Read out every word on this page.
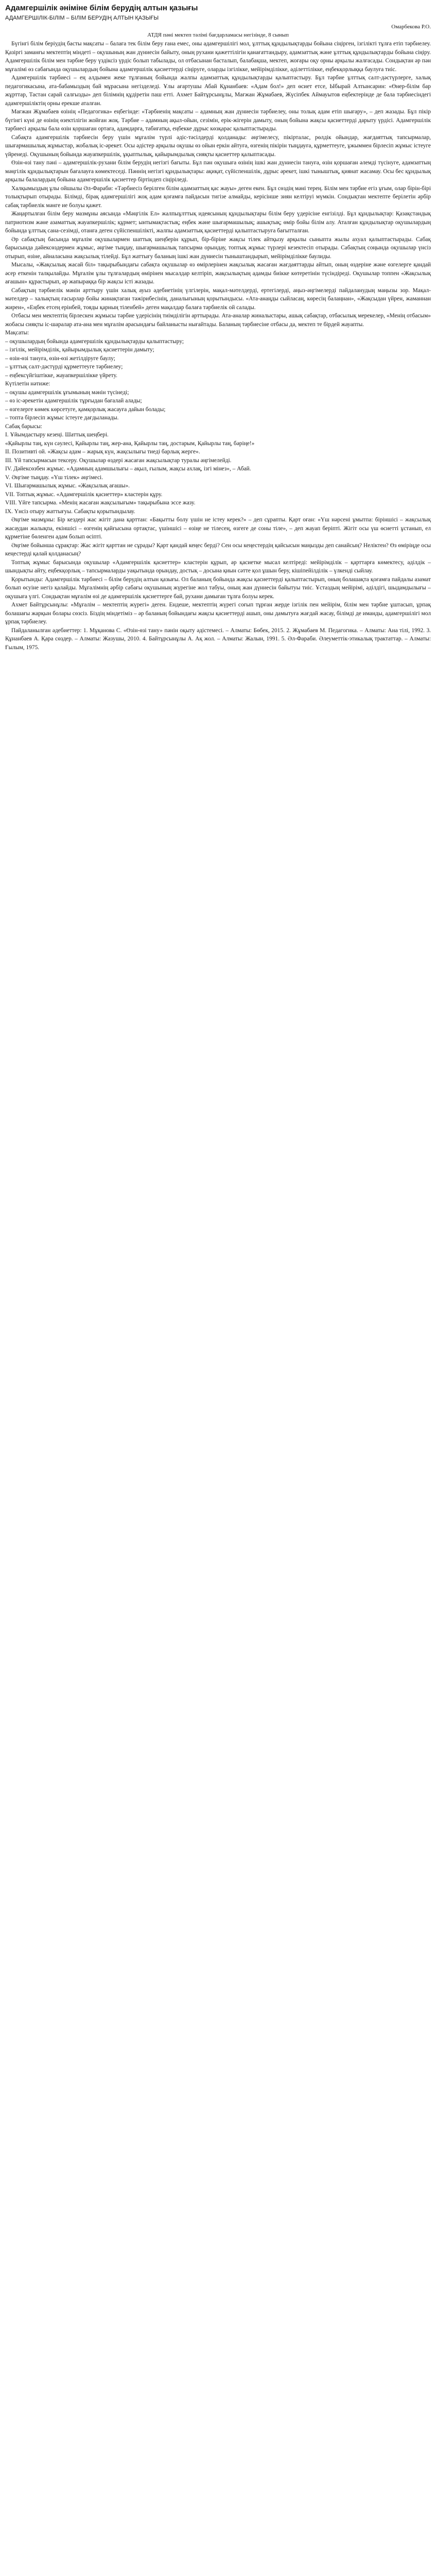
Адамгершілік әніміне білім берудің алтын қазығы
АДАМГЕРШІЛІК-БІЛІМ – БІЛІМ БЕРУДІҢ АЛТЫН ҚАЗЫҒЫ
Омарбекова Р.О.
АТДЯ пәні мектеп тәлімі бағдарламасы негізінде, 8 сынып

Бүгінгі білім беріудің басты мақсаты – балаға тек білім беру ғана емес, оны адамгершілігі мол, ұлттық құндылықтарды бойына сіңірген, ізгілікті тұлға етіп тәрбиелеу. Қазіргі заманғы мектептің міндеті – оқушының жан дүниесін байыту, оның рухани қажеттілігін қанағаттандыру, адамзаттық және ұлттық құндылықтарды бойына сіңіру. Адамгершілік білім мен тәрбие беру үздіксіз үрдіс болып табылады, ол отбасынан басталып, балабақша, мектеп, жоғары оқу орны арқылы жалғасады. Сондықтан әр пән мұғалімі өз сабағында оқушылардың бойына адамгершілік қасиеттерді сіңіруге, оларды ізгілікке, мейірімділікке, әділеттілікке, еңбекқорлыққа баулуға тиіс.

Адамгершілік тәрбиесі – ең алдымен жеке тұлғаның бойында жалпы адамзаттық құндылықтарды қалыптастыру. Бұл тәрбие ұлттық салт-дәстүрлерге, халық педагогикасына, ата-бабамыздың бай мұрасына негізделеді. Ұлы ағартушы Абай Құнанбаев: «Адам бол!» деп өсиет етсе, Ыбырай Алтынсарин: «Өнер-білім бар жұрттар, Тастан сарай салғызды» деп білімнің құдіретін паш етті. Ахмет Байтұрсынұлы, Мағжан Жұмабаев, Жүсіпбек Аймауытов еңбектерінде де бала тәрбиесіндегі адамгершіліктің орны ерекше аталған.

Мағжан Жұмабаев өзінің «Педагогика» еңбегінде: «Тәрбиенің мақсаты – адамның жан дүниесін тәрбиелеу, оны толық адам етіп шығару», – деп жазады. Бұл пікір бүгінгі күні де өзінің өзектілігін жойған жоқ. Тәрбие – адамның ақыл-ойын, сезімін, ерік-жігерін дамыту, оның бойына жақсы қасиеттерді дарыту үрдісі. Адамгершілік тәрбиесі арқылы бала өзін қоршаған ортаға, адамдарға, табиғатқа, еңбекке дұрыс көзқарас қалыптастырады.

Сабақта адамгершілік тәрбиесін беру үшін мұғалім түрлі әдіс-тәсілдерді қолданады: әңгімелесу, пікірталас, рөлдік ойындар, жағдаяттық тапсырмалар, шығармашылық жұмыстар, жобалық іс-әрекет. Осы әдістер арқылы оқушы өз ойын еркін айтуға, өзгенің пікірін тыңдауға, құрметтеуге, ұжыммен бірлесіп жұмыс істеуге үйренеді. Оқушының бойында жауапкершілік, ұқыптылық, қайырымдылық сияқты қасиеттер қалыптасады.

Өзін-өзі тану пәні – адамгершілік-рухани білім берудің негізгі бағыты. Бұл пән оқушыға өзінің ішкі жан дүниесін тануға, өзін қоршаған әлемді түсінуге, адамзаттың мәңгілік құндылықтарын бағалауға көмектеседі. Пәннің негізгі құндылықтары: ақиқат, сүйіспеншілік, дұрыс әрекет, ішкі тыныштық, қиянат жасамау. Осы бес құндылық арқылы балалардың бойына адамгершілік қасиеттер біртіндеп сіңіріледі.

Халқымыздың ұлы ойшылы Әл-Фараби: «Тәрбиесіз берілген білім адамзаттың қас жауы» деген екен. Бұл сөздің мәні терең. Білім мен тәрбие егіз ұғым, олар бірін-бірі толықтырып отырады. Білімді, бірақ адамгершілігі жоқ адам қоғамға пайдасын тигізе алмайды, керісінше зиян келтіруі мүмкін. Сондықтан мектепте берілетін әрбір сабақ тәрбиелік мәнге ие болуы қажет.

Жаңартылған білім беру мазмұны аясында «Мәңгілік Ел» жалпыұлттық идеясының құндылықтары білім беру үдерісіне енгізілді. Бұл құндылықтар: Қазақстандық патриотизм және азаматтық жауапкершілік; құрмет; ынтымақтастық; еңбек және шығармашылық; ашықтық; өмір бойы білім алу. Аталған құндылықтар оқушылардың бойында ұлттық сана-сезімді, отанға деген сүйіспеншілікті, жалпы адамзаттық қасиеттерді қалыптастыруға бағытталған.

Әр сабақтың басында мұғалім оқушылармен шаттық шеңберін құрып, бір-біріне жақсы тілек айтқызу арқылы сыныпта жылы ахуал қалыптастырады. Сабақ барысында дәйексөздермен жұмыс, әңгіме тыңдау, шығармашылық тапсырма орындау, топтық жұмыс түрлері кезектесіп отырады. Сабақтың соңында оқушылар үнсіз отырып, өзіне, айналасына жақсылық тілейді. Бұл жаттығу баланың ішкі жан дүниесін тыныштандырып, мейірімділікке баулиды.

Мысалы, «Жақсылық жасай біл» тақырыбындағы сабақта оқушылар өз өмірлерінен жақсылық жасаған жағдаяттарды айтып, оның өздеріне және өзгелерге қандай әсер еткенін талқылайды. Мұғалім ұлы тұлғалардың өмірінен мысалдар келтіріп, жақсылықтың адамды биікке көтеретінін түсіндіреді. Оқушылар топпен «Жақсылық ағашын» құрастырып, әр жапыраққа бір жақсы істі жазады.

Сабақтың тәрбиелік мәнін арттыру үшін халық ауыз әдебиетінің үлгілерін, мақал-мәтелдерді, ертегілерді, аңыз-әңгімелерді пайдаланудың маңызы зор. Мақал-мәтелдер – халықтың ғасырлар бойы жинақтаған тәжірибесінің, даналығының қорытындысы. «Ата-анаңды сыйласаң, көресің балаңнан», «Жақсыдан үйрен, жаманнан жирен», «Еңбек етсең ерінбей, тояды қарның тіленбей» деген мақалдар балаға тәрбиелік ой салады.

Отбасы мен мектептің бірлескен жұмысы тәрбие үдерісінің тиімділігін арттырады. Ата-аналар жиналыстары, ашық сабақтар, отбасылық мерекелер, «Менің отбасым» жобасы сияқты іс-шаралар ата-ана мен мұғалім арасындағы байланысты нығайтады. Баланың тәрбиесіне отбасы да, мектеп те бірдей жауапты.

Мақсаты:

– оқушылардың бойында адамгершілік құндылықтарды қалыптастыру;

– ізгілік, мейірімділік, қайырымдылық қасиеттерін дамыту;

– өзін-өзі тануға, өзін-өзі жетілдіруге баулу;

– ұлттық салт-дәстүрді құрметтеуге тәрбиелеу;

– еңбексүйгіштікке, жауапкершілікке үйрету.

Күтілетін нәтиже:

– оқушы адамгершілік ұғымының мәнін түсінеді;

– өз іс-әрекетін адамгершілік тұрғыдан бағалай алады;

– өзгелерге көмек көрсетуге, қамқорлық жасауға дайын болады;

– топта бірлесіп жұмыс істеуге дағдыланады.

Сабақ барысы:

І. Ұйымдастыру кезеңі. Шаттық шеңбері.

«Қайырлы таң, күн сәулесі, Қайырлы таң, жер-ана, Қайырлы таң, достарым, Қайырлы таң, бәріңе!»

ІІ. Позитивті ой. «Жақсы адам – жарық күн, жақсылығы тиеді барлық жерге».

ІІІ. Үй тапсырмасын тексеру. Оқушылар өздері жасаған жақсылықтар туралы әңгімелейді.

ІV. Дәйексөзбен жұмыс. «Адамның адамшылығы – ақыл, ғылым, жақсы ахлақ, ізгі мінез», – Абай.

V. Әңгіме тыңдау. «Үш тілек» әңгімесі.

VІ. Шығармашылық жұмыс. «Жақсылық ағашы».

VІІ. Топтық жұмыс. «Адамгершілік қасиеттер» кластерін құру.

VІІІ. Үйге тапсырма. «Менің жасаған жақсылығым» тақырыбына эссе жазу.

ІХ. Үнсіз отыру жаттығуы. Сабақты қорытындылау.

Әңгіме мазмұны: Бір кездері жас жігіт дана қарттан: «Бақытты болу үшін не істеу керек?» – деп сұрапты. Қарт оған: «Үш нәрсені ұмытпа: біріншісі – жақсылық жасаудан жалықпа, екіншісі – өзгенің қайғысына ортақтас, үшіншісі – өзіңе не тілесең, өзгеге де соны тіле», – деп жауап беріпті. Жігіт осы үш өсиетті ұстанып, ел құрметіне бөленген адам болып өсіпті.

Әңгіме бойынша сұрақтар: Жас жігіт қарттан не сұрады? Қарт қандай кеңес берді? Сен осы кеңестердің қайсысын маңызды деп санайсың? Неліктен? Өз өміріңде осы кеңестерді қалай қолданасың?

Топтық жұмыс барысында оқушылар «Адамгершілік қасиеттер» кластерін құрып, әр қасиетке мысал келтіреді: мейірімділік – қарттарға көмектесу, әділдік – шындықты айту, еңбекқорлық – тапсырмаларды уақытында орындау, достық – досына қиын сәтте қол ұшын беру, кішіпейілділік – үлкенді сыйлау.

Қорытынды: Адамгершілік тәрбиесі – білім берудің алтын қазығы. Ол баланың бойында жақсы қасиеттерді қалыптастырып, оның болашақта қоғамға пайдалы азамат болып өсуіне негіз қалайды. Мұғалімнің әрбір сабағы оқушының жүрегіне жол табуы, оның жан дүниесін байытуы тиіс. Ұстаздың мейірімі, әділдігі, шыдамдылығы – оқушыға үлгі. Сондықтан мұғалім өзі де адамгершілік қасиеттерге бай, рухани дамыған тұлға болуы керек.

Ахмет Байтұрсынұлы: «Мұғалім – мектептің жүрегі» деген. Ендеше, мектептің жүрегі соғып тұрған жерде ізгілік пен мейірім, білім мен тәрбие ұштасып, ұрпақ болашағы жарқын болары сөзсіз. Біздің міндетіміз – әр баланың бойындағы жақсы қасиеттерді ашып, оны дамытуға жағдай жасау, білімді де иманды, адамгершілігі мол ұрпақ тәрбиелеу.

Пайдаланылған әдебиеттер: 1. Мұқанова С. «Өзін-өзі тану» пәнін оқыту әдістемесі. – Алматы: Бөбек, 2015. 2. Жұмабаев М. Педагогика. – Алматы: Ана тілі, 1992. 3. Құнанбаев А. Қара сөздер. – Алматы: Жазушы, 2010. 4. Байтұрсынұлы А. Ақ жол. – Алматы: Жалын, 1991. 5. Әл-Фараби. Әлеуметтік-этикалық трактаттар. – Алматы: Ғылым, 1975.
